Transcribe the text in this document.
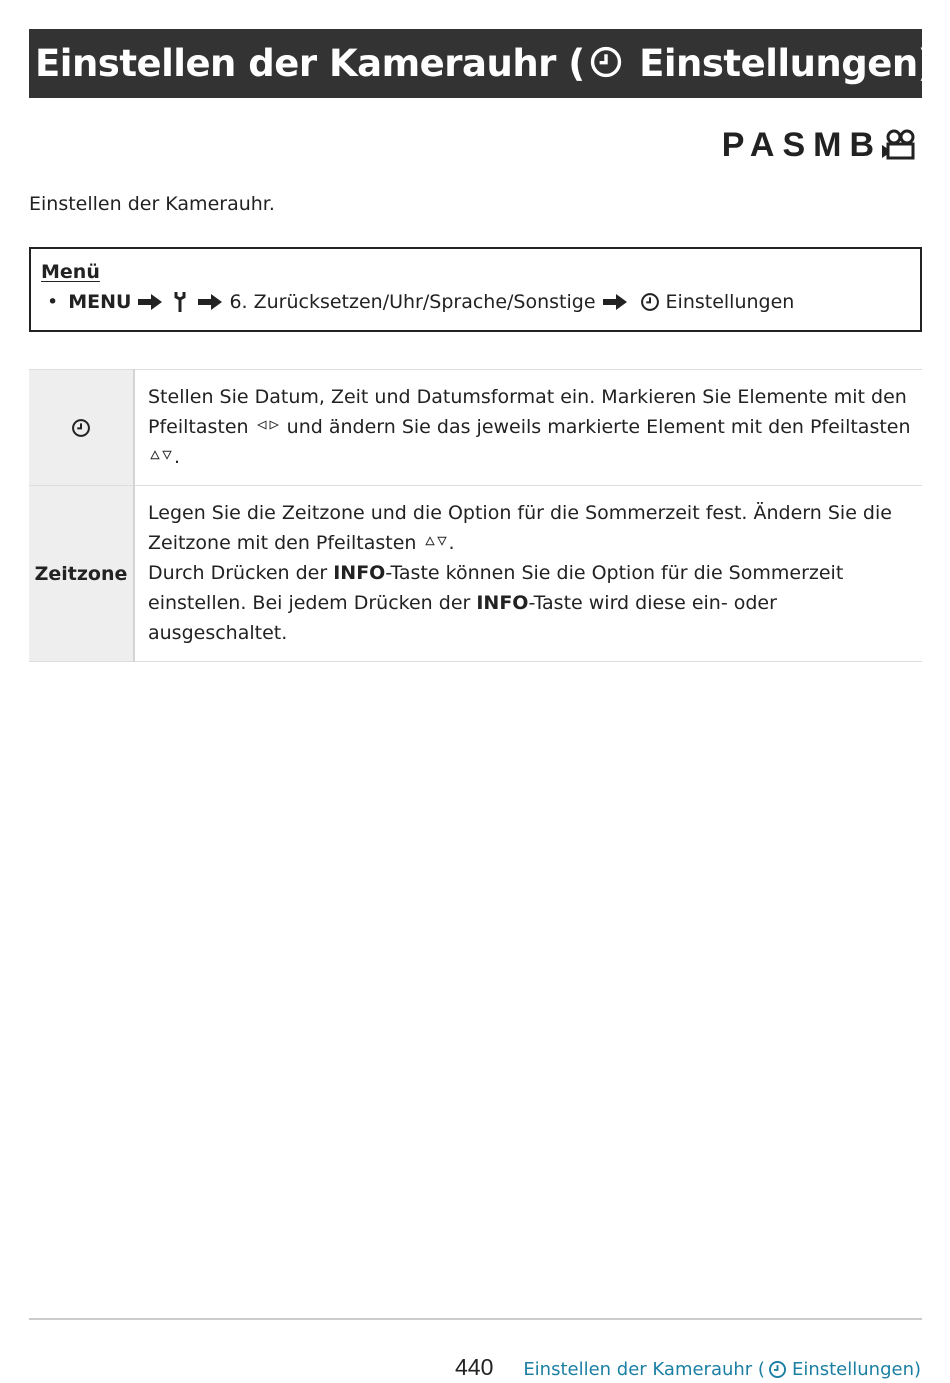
Einstellen der Kamerauhr ( Einstellungen)
PASMB
Einstellen der Kamerauhr.
Menü
• MENU	6. Zurücksetzen/Uhr/Sprache/Sonstige	Einstellungen
	Stellen Sie Datum, Zeit und Datumsformat ein. Markieren Sie Elemente mit den Pfeiltasten  und ändern Sie das jeweils markierte Element mit den Pfeiltasten .
Zeitzone	Legen Sie die Zeitzone und die Option für die Sommerzeit fest. Ändern Sie die Zeitzone mit den Pfeiltasten .
Durch Drücken der INFO-Taste können Sie die Option für die Sommerzeit einstellen. Bei jedem Drücken der INFO-Taste wird diese ein- oder ausgeschaltet.
440 Einstellen der Kamerauhr ( Einstellungen)
